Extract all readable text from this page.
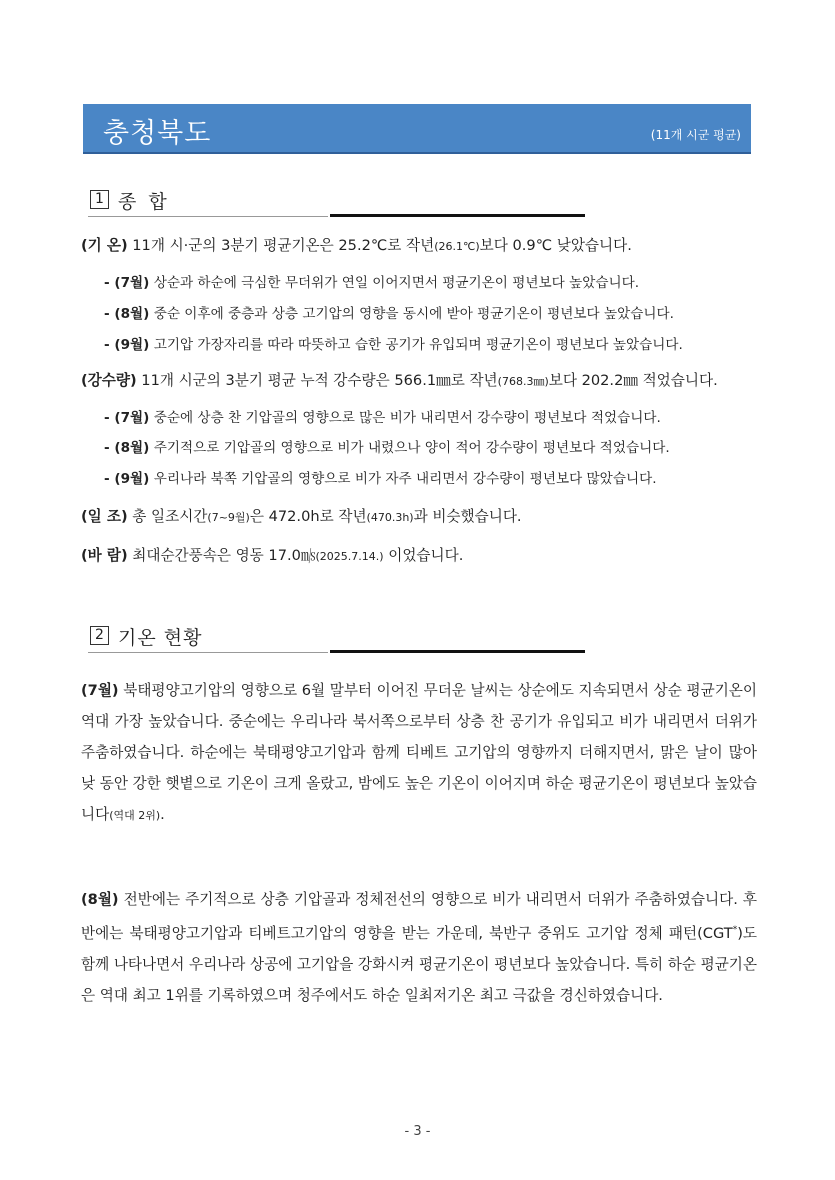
충청북도	(11개 시군 평균)
1 종 합
(기 온) 11개 시·군의 3분기 평균기온은 25.2℃로 작년(26.1℃)보다 0.9℃ 낮았습니다.
- (7월) 상순과 하순에 극심한 무더위가 연일 이어지면서 평균기온이 평년보다 높았습니다.
- (8월) 중순 이후에 중층과 상층 고기압의 영향을 동시에 받아 평균기온이 평년보다 높았습니다.
- (9월) 고기압 가장자리를 따라 따뜻하고 습한 공기가 유입되며 평균기온이 평년보다 높았습니다.
(강수량) 11개 시군의 3분기 평균 누적 강수량은 566.1㎜로 작년(768.3㎜)보다 202.2㎜ 적었습니다.
- (7월) 중순에 상층 찬 기압골의 영향으로 많은 비가 내리면서 강수량이 평년보다 적었습니다.
- (8월) 주기적으로 기압골의 영향으로 비가 내렸으나 양이 적어 강수량이 평년보다 적었습니다.
- (9월) 우리나라 북쪽 기압골의 영향으로 비가 자주 내리면서 강수량이 평년보다 많았습니다.
(일 조) 총 일조시간(7~9월)은 472.0h로 작년(470.3h)과 비슷했습니다.
(바 람) 최대순간풍속은 영동 17.0㎧(2025.7.14.) 이었습니다.
2 기온 현황
(7월) 북태평양고기압의 영향으로 6월 말부터 이어진 무더운 날씨는 상순에도 지속되면서 상순 평균기온이 역대 가장 높았습니다. 중순에는 우리나라 북서쪽으로부터 상층 찬 공기가 유입되고 비가 내리면서 더위가 주춤하였습니다. 하순에는 북태평양고기압과 함께 티베트 고기압의 영향까지 더해지면서, 맑은 날이 많아 낮 동안 강한 햇볕으로 기온이 크게 올랐고, 밤에도 높은 기온이 이어지며 하순 평균기온이 평년보다 높았습니다(역대 2위).
(8월) 전반에는 주기적으로 상층 기압골과 정체전선의 영향으로 비가 내리면서 더위가 주춤하였습니다. 후반에는 북태평양고기압과 티베트고기압의 영향을 받는 가운데, 북반구 중위도 고기압 정체 패턴(CGT*)도 함께 나타나면서 우리나라 상공에 고기압을 강화시켜 평균기온이 평년보다 높았습니다. 특히 하순 평균기온은 역대 최고 1위를 기록하였으며 청주에서도 하순 일최저기온 최고 극값을 경신하였습니다.
- 3 -
